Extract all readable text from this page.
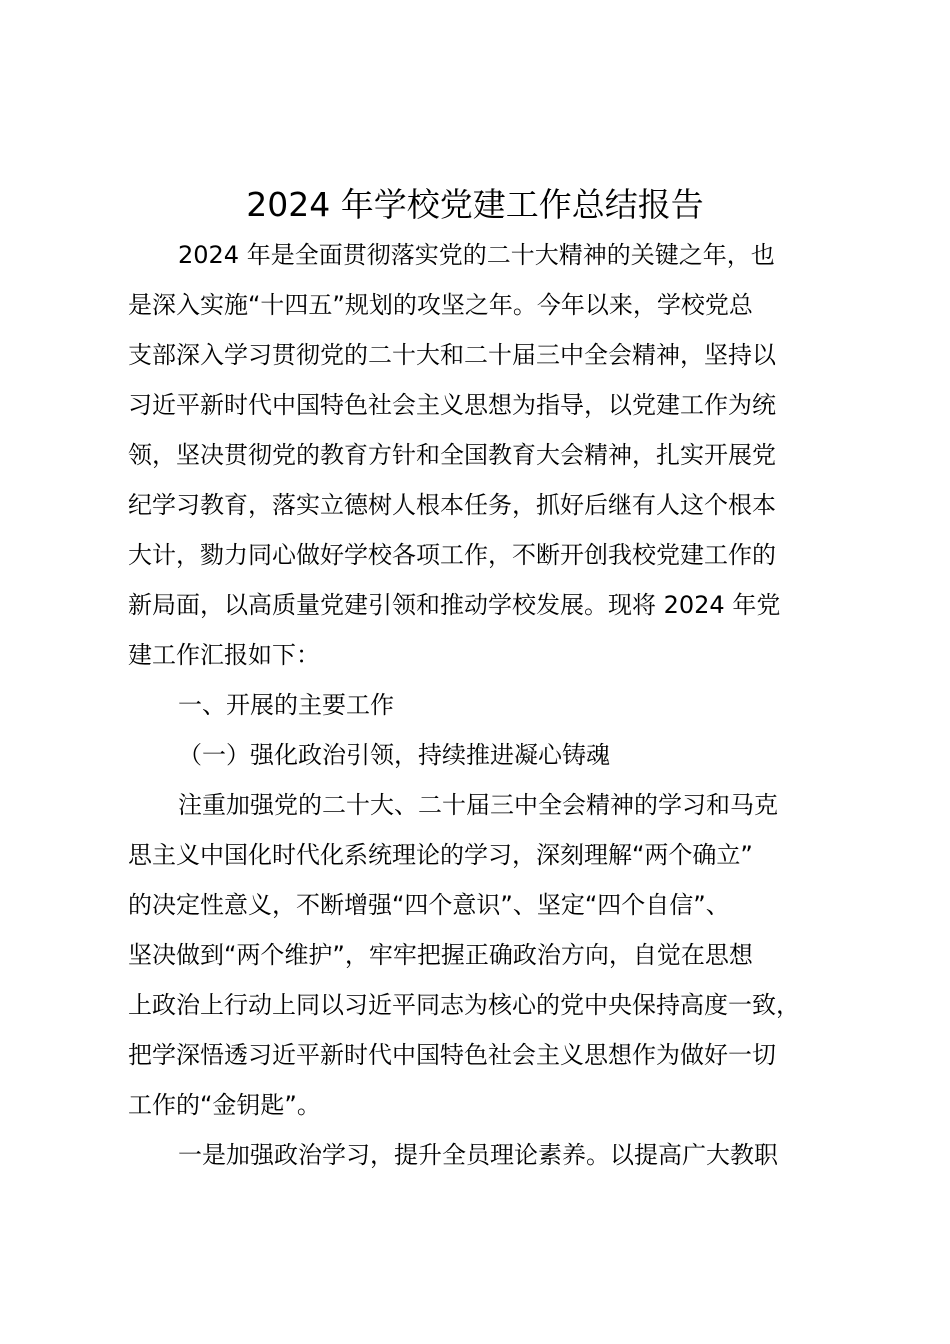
2024 年学校党建工作总结报告
2024 年是全面贯彻落实党的二十大精神的关键之年，也
是深入实施“十四五”规划的攻坚之年。今年以来，学校党总
支部深入学习贯彻党的二十大和二十届三中全会精神，坚持以
习近平新时代中国特色社会主义思想为指导，以党建工作为统
领，坚决贯彻党的教育方针和全国教育大会精神，扎实开展党
纪学习教育，落实立德树人根本任务，抓好后继有人这个根本
大计，勠力同心做好学校各项工作，不断开创我校党建工作的
新局面，以高质量党建引领和推动学校发展。现将 2024 年党
建工作汇报如下：
一、开展的主要工作
（一）强化政治引领，持续推进凝心铸魂
注重加强党的二十大、二十届三中全会精神的学习和马克
思主义中国化时代化系统理论的学习，深刻理解“两个确立”
的决定性意义，不断增强“四个意识”、坚定“四个自信”、
坚决做到“两个维护”，牢牢把握正确政治方向，自觉在思想
上政治上行动上同以习近平同志为核心的党中央保持高度一致，
把学深悟透习近平新时代中国特色社会主义思想作为做好一切
工作的“金钥匙”。
一是加强政治学习，提升全员理论素养。以提高广大教职
